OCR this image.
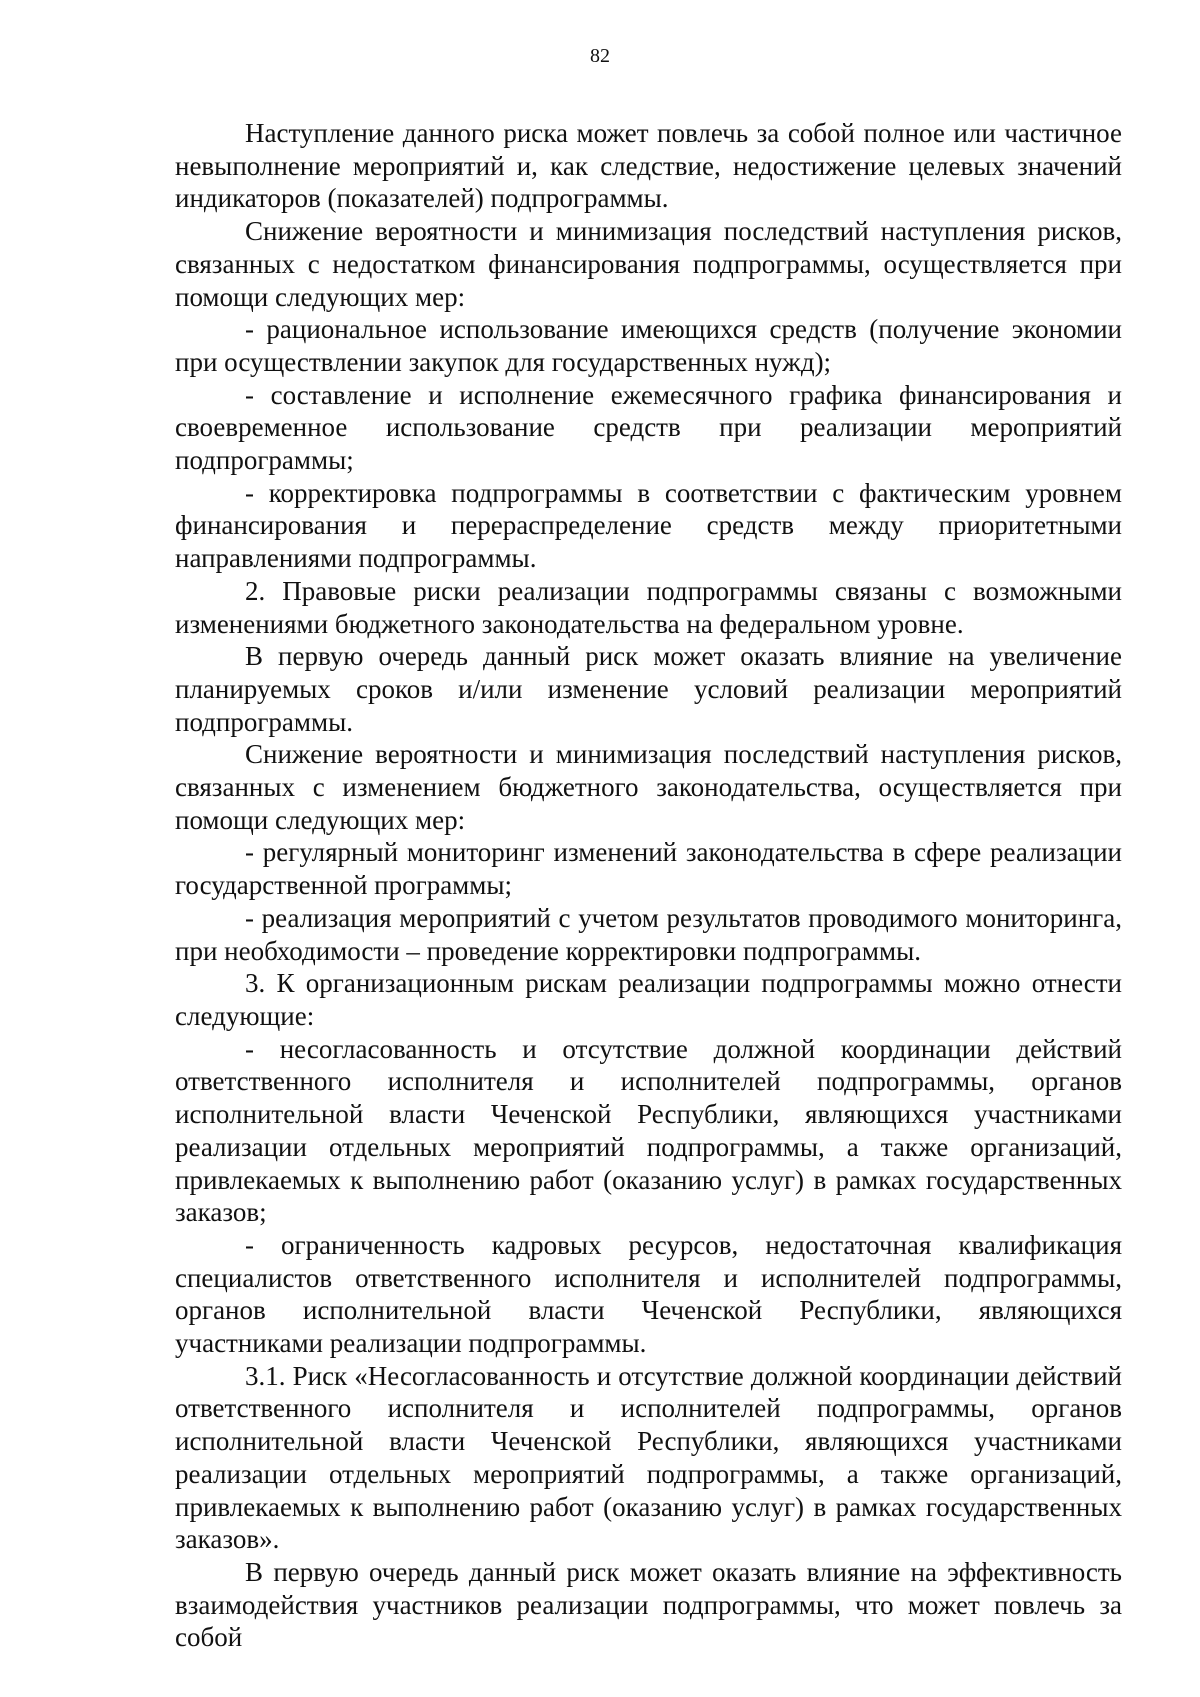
82

Наступление данного риска может повлечь за собой полное или частичное невыполнение мероприятий и, как следствие, недостижение целевых значений индикаторов (показателей) подпрограммы.

Снижение вероятности и минимизация последствий наступления рисков, связанных с недостатком финансирования подпрограммы, осуществляется при помощи следующих мер:

- рациональное использование имеющихся средств (получение экономии при осуществлении закупок для государственных нужд);

- составление и исполнение ежемесячного графика финансирования и своевременное использование средств при реализации мероприятий подпрограммы;

- корректировка подпрограммы в соответствии с фактическим уровнем финансирования и перераспределение средств между приоритетными направлениями подпрограммы.

2. Правовые риски реализации подпрограммы связаны с возможными изменениями бюджетного законодательства на федеральном уровне.

В первую очередь данный риск может оказать влияние на увеличение планируемых сроков и/или изменение условий реализации мероприятий подпрограммы.

Снижение вероятности и минимизация последствий наступления рисков, связанных с изменением бюджетного законодательства, осуществляется при помощи следующих мер:

- регулярный мониторинг изменений законодательства в сфере реализации государственной программы;

- реализация мероприятий с учетом результатов проводимого мониторинга, при необходимости – проведение корректировки подпрограммы.

3. К организационным рискам реализации подпрограммы можно отнести следующие:

- несогласованность и отсутствие должной координации действий ответственного исполнителя и исполнителей подпрограммы, органов исполнительной власти Чеченской Республики, являющихся участниками реализации отдельных мероприятий подпрограммы, а также организаций, привлекаемых к выполнению работ (оказанию услуг) в рамках государственных заказов;

- ограниченность кадровых ресурсов, недостаточная квалификация специалистов ответственного исполнителя и исполнителей подпрограммы, органов исполнительной власти Чеченской Республики, являющихся участниками реализации подпрограммы.

3.1. Риск «Несогласованность и отсутствие должной координации действий ответственного исполнителя и исполнителей подпрограммы, органов исполнительной власти Чеченской Республики, являющихся участниками реализации отдельных мероприятий подпрограммы, а также организаций, привлекаемых к выполнению работ (оказанию услуг) в рамках государственных заказов».

В первую очередь данный риск может оказать влияние на эффективность взаимодействия участников реализации подпрограммы, что может повлечь за собой
